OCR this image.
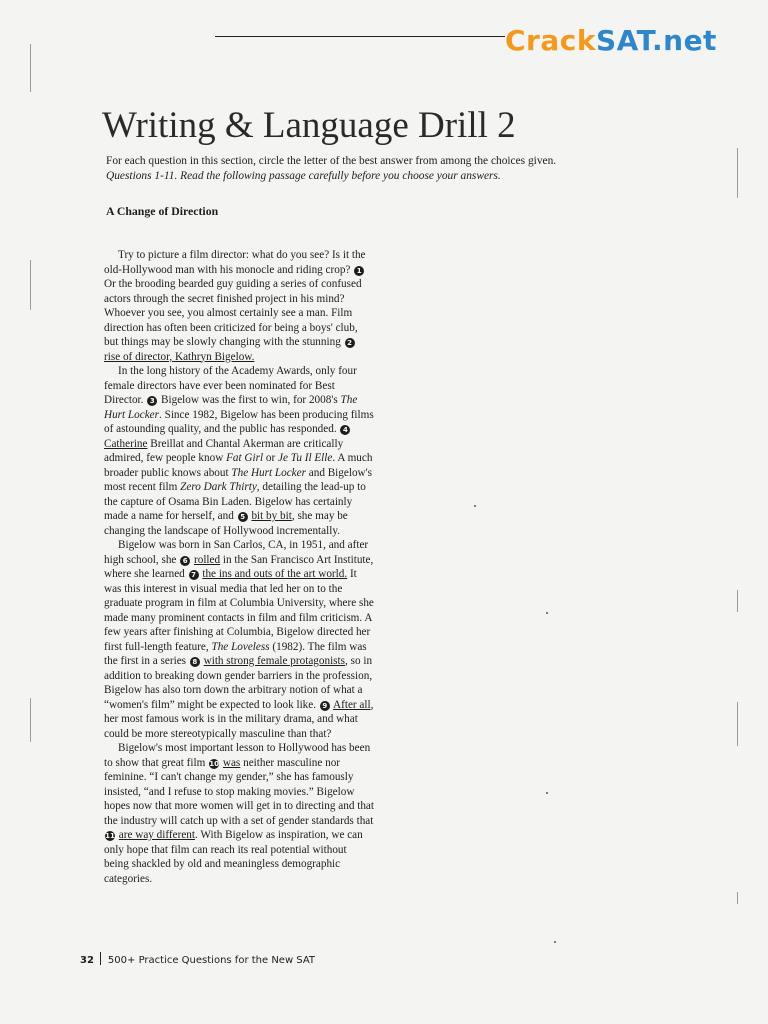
CrackSAT.net
Writing & Language Drill 2
For each question in this section, circle the letter of the best answer from among the choices given.
Questions 1-11. Read the following passage carefully before you choose your answers.
A Change of Direction

Try to picture a film director: what do you see? Is it the old-Hollywood man with his monocle and riding crop? 1 Or the brooding bearded guy guiding a series of confused actors through the secret finished project in his mind? Whoever you see, you almost certainly see a man. Film direction has often been criticized for being a boys' club, but things may be slowly changing with the stunning 2 rise of director, Kathryn Bigelow.

In the long history of the Academy Awards, only four female directors have ever been nominated for Best Director. 3 Bigelow was the first to win, for 2008's The Hurt Locker. Since 1982, Bigelow has been producing films of astounding quality, and the public has responded. 4 Catherine Breillat and Chantal Akerman are critically admired, few people know Fat Girl or Je Tu Il Elle. A much broader public knows about The Hurt Locker and Bigelow's most recent film Zero Dark Thirty, detailing the lead-up to the capture of Osama Bin Laden. Bigelow has certainly made a name for herself, and 5 bit by bit, she may be changing the landscape of Hollywood incrementally.

Bigelow was born in San Carlos, CA, in 1951, and after high school, she 6 rolled in the San Francisco Art Institute, where she learned 7 the ins and outs of the art world. It was this interest in visual media that led her on to the graduate program in film at Columbia University, where she made many prominent contacts in film and film criticism. A few years after finishing at Columbia, Bigelow directed her first full-length feature, The Loveless (1982). The film was the first in a series 8 with strong female protagonists, so in addition to breaking down gender barriers in the profession, Bigelow has also torn down the arbitrary notion of what a “women's film” might be expected to look like. 9 After all, her most famous work is in the military drama, and what could be more stereotypically masculine than that?

Bigelow's most important lesson to Hollywood has been to show that great film 10 was neither masculine nor feminine. “I can't change my gender,” she has famously insisted, “and I refuse to stop making movies.” Bigelow hopes now that more women will get in to directing and that the industry will catch up with a set of gender standards that 11 are way different. With Bigelow as inspiration, we can only hope that film can reach its real potential without being shackled by old and meaningless demographic categories.

32 500+ Practice Questions for the New SAT
